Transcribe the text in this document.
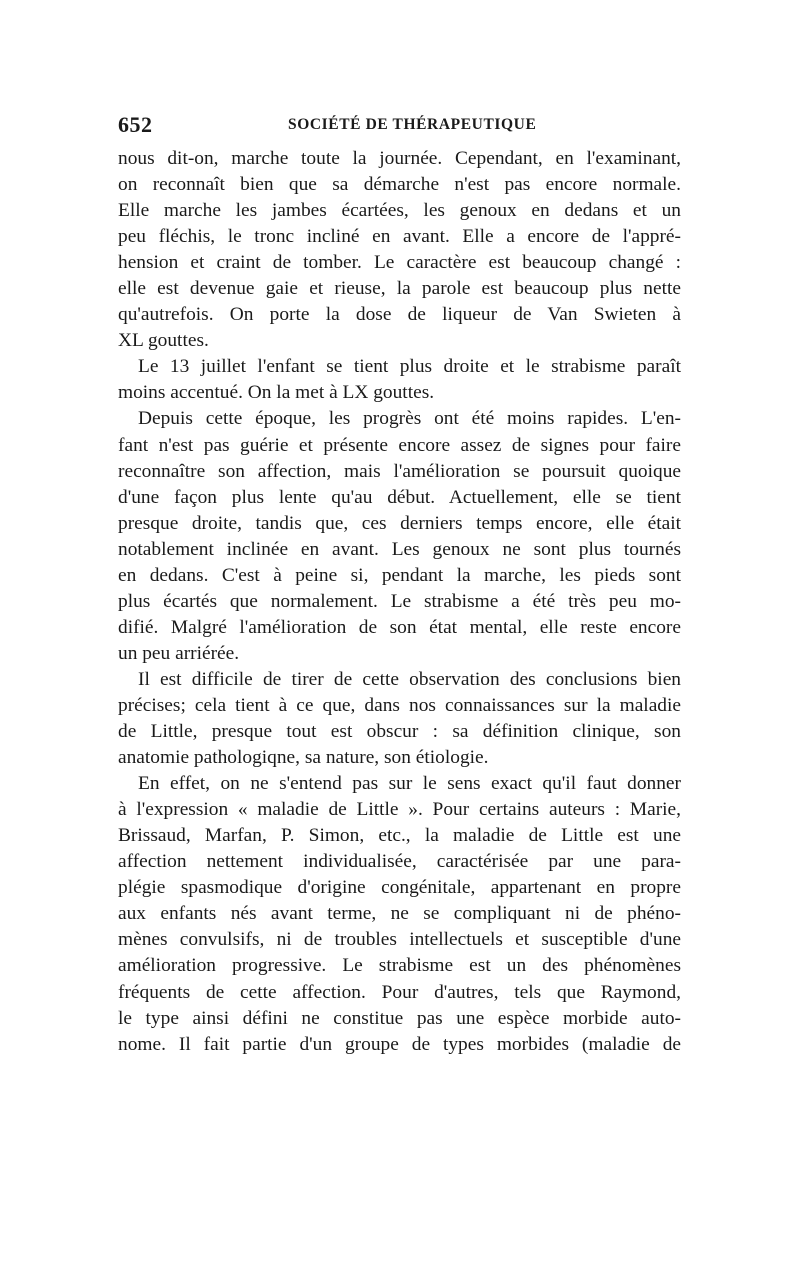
652	SOCIÉTÉ DE THÉRAPEUTIQUE
nous dit-on, marche toute la journée. Cependant, en l'examinant,
on reconnaît bien que sa démarche n'est pas encore normale.
Elle marche les jambes écartées, les genoux en dedans et un
peu fléchis, le tronc incliné en avant. Elle a encore de l'appré-
hension et craint de tomber. Le caractère est beaucoup changé :
elle est devenue gaie et rieuse, la parole est beaucoup plus nette
qu'autrefois. On porte la dose de liqueur de Van Swieten à
XL gouttes.
Le 13 juillet l'enfant se tient plus droite et le strabisme paraît
moins accentué. On la met à LX gouttes.
Depuis cette époque, les progrès ont été moins rapides. L'en-
fant n'est pas guérie et présente encore assez de signes pour faire
reconnaître son affection, mais l'amélioration se poursuit quoique
d'une façon plus lente qu'au début. Actuellement, elle se tient
presque droite, tandis que, ces derniers temps encore, elle était
notablement inclinée en avant. Les genoux ne sont plus tournés
en dedans. C'est à peine si, pendant la marche, les pieds sont
plus écartés que normalement. Le strabisme a été très peu mo-
difié. Malgré l'amélioration de son état mental, elle reste encore
un peu arriérée.
Il est difficile de tirer de cette observation des conclusions bien
précises; cela tient à ce que, dans nos connaissances sur la maladie
de Little, presque tout est obscur : sa définition clinique, son
anatomie pathologiqne, sa nature, son étiologie.
En effet, on ne s'entend pas sur le sens exact qu'il faut donner
à l'expression « maladie de Little ». Pour certains auteurs : Marie,
Brissaud, Marfan, P. Simon, etc., la maladie de Little est une
affection nettement individualisée, caractérisée par une para-
plégie spasmodique d'origine congénitale, appartenant en propre
aux enfants nés avant terme, ne se compliquant ni de phéno-
mènes convulsifs, ni de troubles intellectuels et susceptible d'une
amélioration progressive. Le strabisme est un des phénomènes
fréquents de cette affection. Pour d'autres, tels que Raymond,
le type ainsi défini ne constitue pas une espèce morbide auto-
nome. Il fait partie d'un groupe de types morbides (maladie de
